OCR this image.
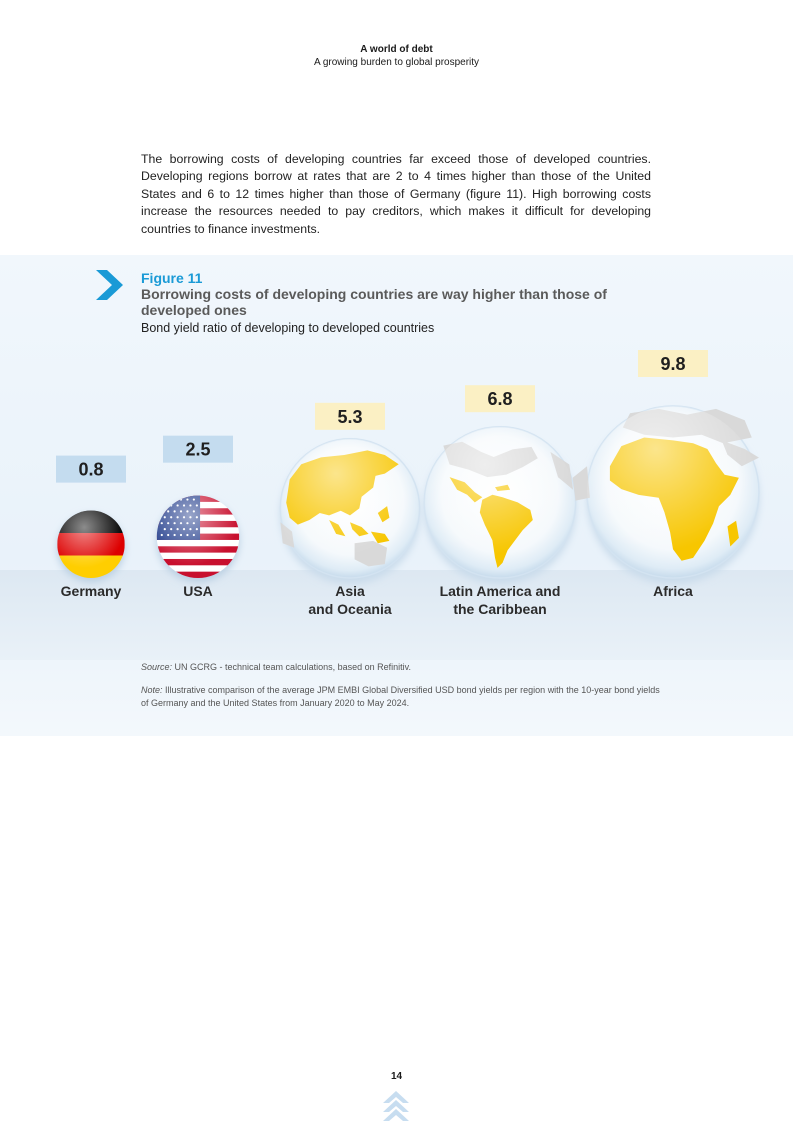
A world of debt
A growing burden to global prosperity
The borrowing costs of developing countries far exceed those of developed countries. Developing regions borrow at rates that are 2 to 4 times higher than those of the United States and 6 to 12 times higher than those of Germany (figure 11). High borrowing costs increase the resources needed to pay creditors, which makes it difficult for developing countries to finance investments.
Figure 11
Borrowing costs of developing countries are way higher than those of developed ones
Bond yield ratio of developing to developed countries
0.8
Germany
2.5
USA
5.3
Asia
and Oceania
6.8
Latin America and
the Caribbean
9.8
Africa
Source: UN GCRG - technical team calculations, based on Refinitiv.
Note: Illustrative comparison of the average JPM EMBI Global Diversified USD bond yields per region with the 10-year bond yields of Germany and the United States from January 2020 to May 2024.
14
